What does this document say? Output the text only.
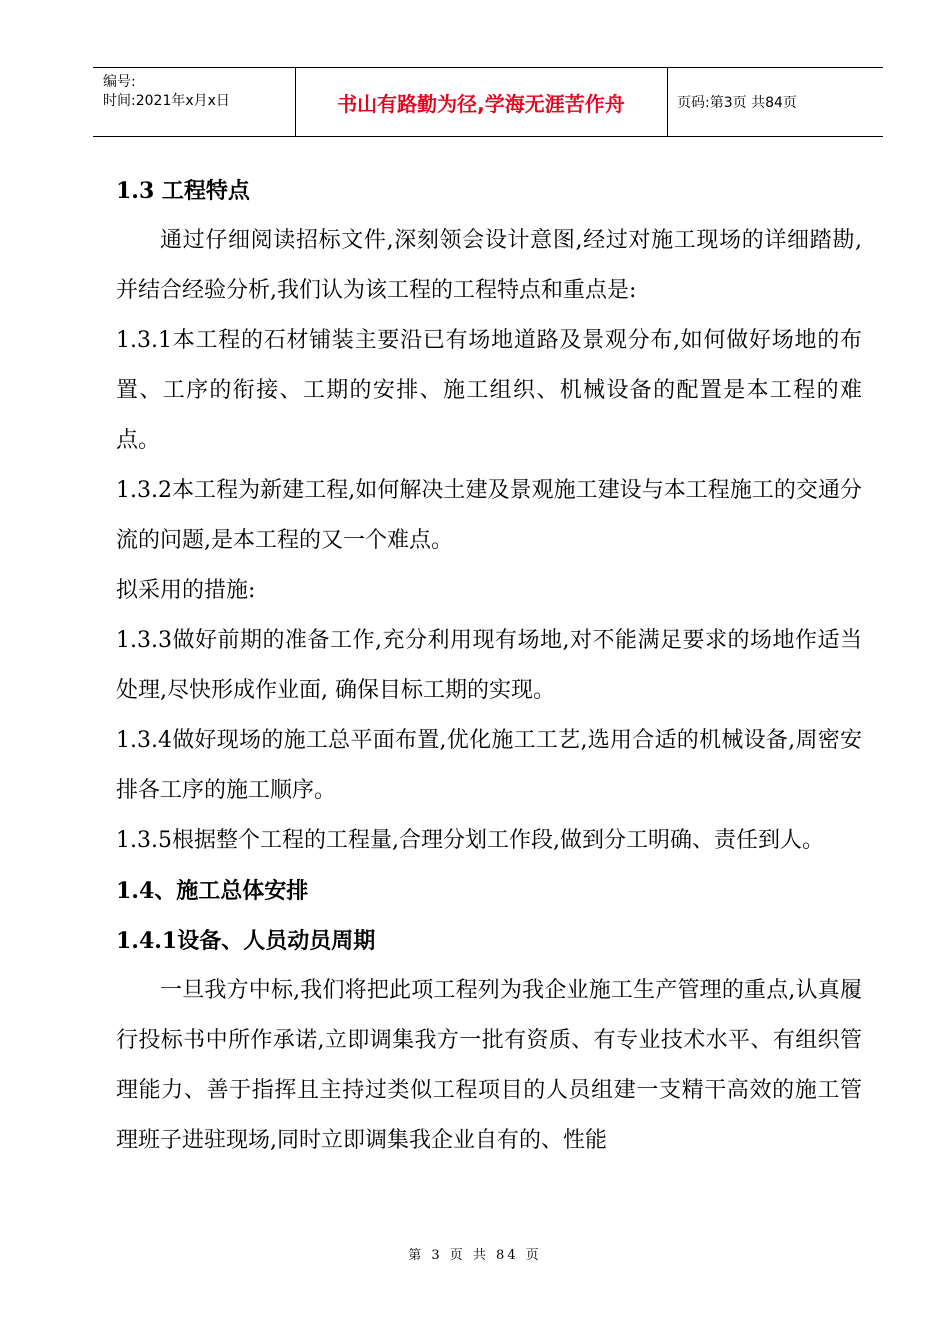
编号:
时间:2021年x月x日	书山有路勤为径,学海无涯苦作舟	页码:第3页 共84页

1.3 工程特点

通过仔细阅读招标文件,深刻领会设计意图,经过对施工现场的详细踏勘,并结合经验分析,我们认为该工程的工程特点和重点是:

1.3.1本工程的石材铺装主要沿已有场地道路及景观分布,如何做好场地的布置、工序的衔接、工期的安排、施工组织、机械设备的配置是本工程的难点。

1.3.2本工程为新建工程,如何解决土建及景观施工建设与本工程施工的交通分流的问题,是本工程的又一个难点。

拟采用的措施:

1.3.3做好前期的准备工作,充分利用现有场地,对不能满足要求的场地作适当处理,尽快形成作业面, 确保目标工期的实现。

1.3.4做好现场的施工总平面布置,优化施工工艺,选用合适的机械设备,周密安排各工序的施工顺序。

1.3.5根据整个工程的工程量,合理分划工作段,做到分工明确、责任到人。

1.4、施工总体安排

1.4.1设备、人员动员周期

一旦我方中标,我们将把此项工程列为我企业施工生产管理的重点,认真履行投标书中所作承诺,立即调集我方一批有资质、有专业技术水平、有组织管理能力、善于指挥且主持过类似工程项目的人员组建一支精干高效的施工管理班子进驻现场,同时立即调集我企业自有的、性能

第 3 页 共 84 页
